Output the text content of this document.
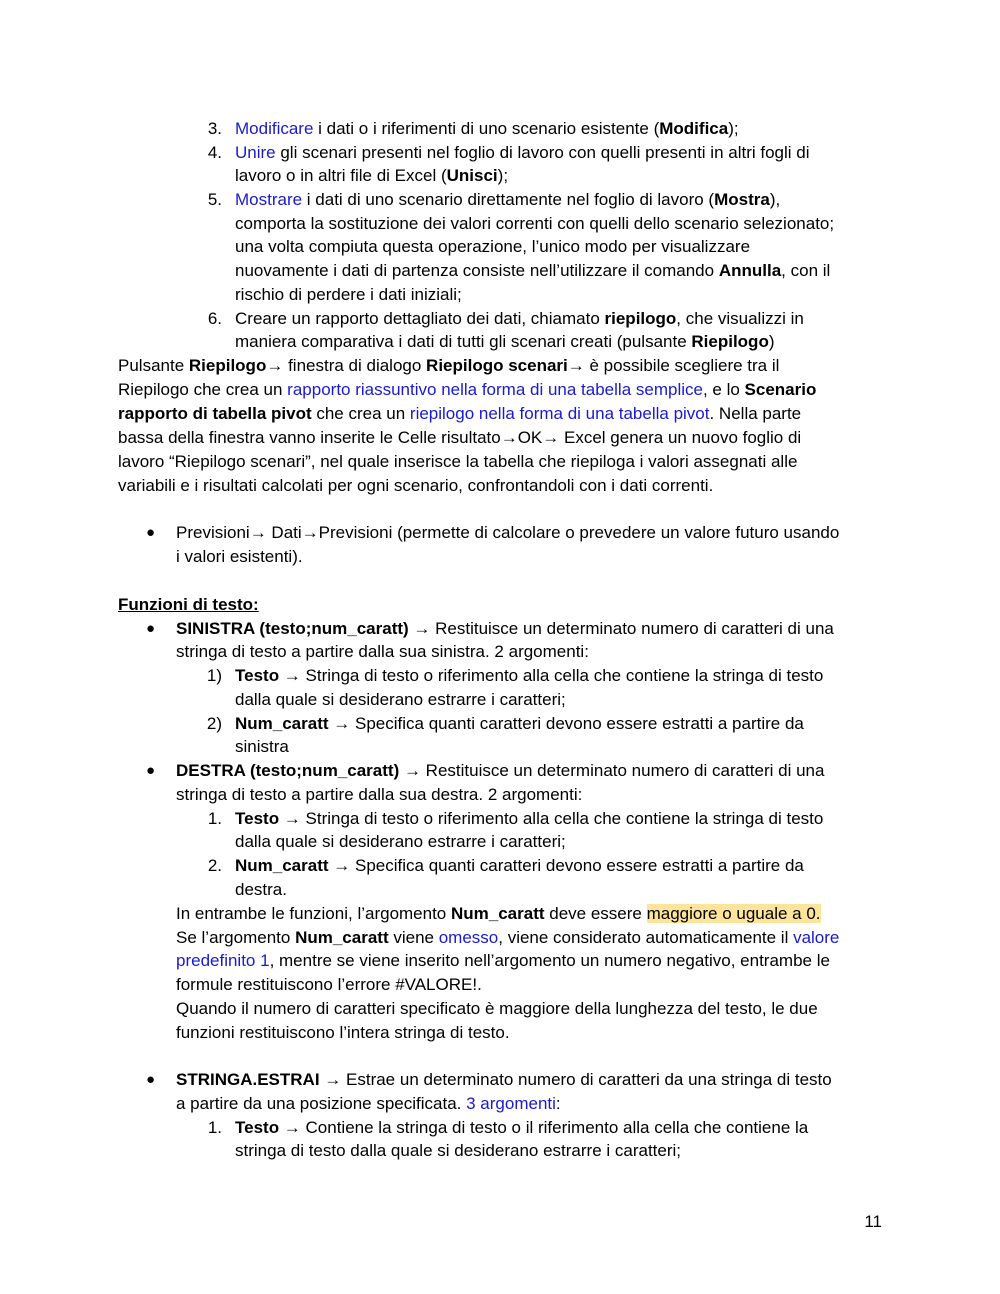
3. Modificare i dati o i riferimenti di uno scenario esistente (Modifica);
4. Unire gli scenari presenti nel foglio di lavoro con quelli presenti in altri fogli di
lavoro o in altri file di Excel (Unisci);
5. Mostrare i dati di uno scenario direttamente nel foglio di lavoro (Mostra),
comporta la sostituzione dei valori correnti con quelli dello scenario selezionato;
una volta compiuta questa operazione, l’unico modo per visualizzare
nuovamente i dati di partenza consiste nell’utilizzare il comando Annulla, con il
rischio di perdere i dati iniziali;
6. Creare un rapporto dettagliato dei dati, chiamato riepilogo, che visualizzi in
maniera comparativa i dati di tutti gli scenari creati (pulsante Riepilogo)
Pulsante Riepilogo→ finestra di dialogo Riepilogo scenari→ è possibile scegliere tra il
Riepilogo che crea un rapporto riassuntivo nella forma di una tabella semplice, e lo Scenario
rapporto di tabella pivot che crea un riepilogo nella forma di una tabella pivot. Nella parte
bassa della finestra vanno inserite le Celle risultato→OK→ Excel genera un nuovo foglio di
lavoro “Riepilogo scenari”, nel quale inserisce la tabella che riepiloga i valori assegnati alle
variabili e i risultati calcolati per ogni scenario, confrontandoli con i dati correnti.
● Previsioni→ Dati→Previsioni (permette di calcolare o prevedere un valore futuro usando
i valori esistenti).
Funzioni di testo:
● SINISTRA (testo;num_caratt) → Restituisce un determinato numero di caratteri di una
stringa di testo a partire dalla sua sinistra. 2 argomenti:
1) Testo → Stringa di testo o riferimento alla cella che contiene la stringa di testo
dalla quale si desiderano estrarre i caratteri;
2) Num_caratt → Specifica quanti caratteri devono essere estratti a partire da
sinistra
● DESTRA (testo;num_caratt) → Restituisce un determinato numero di caratteri di una
stringa di testo a partire dalla sua destra. 2 argomenti:
1. Testo → Stringa di testo o riferimento alla cella che contiene la stringa di testo
dalla quale si desiderano estrarre i caratteri;
2. Num_caratt → Specifica quanti caratteri devono essere estratti a partire da
destra.
In entrambe le funzioni, l’argomento Num_caratt deve essere maggiore o uguale a 0.
Se l’argomento Num_caratt viene omesso, viene considerato automaticamente il valore
predefinito 1, mentre se viene inserito nell’argomento un numero negativo, entrambe le
formule restituiscono l’errore #VALORE!.
Quando il numero di caratteri specificato è maggiore della lunghezza del testo, le due
funzioni restituiscono l’intera stringa di testo.
● STRINGA.ESTRAI → Estrae un determinato numero di caratteri da una stringa di testo
a partire da una posizione specificata. 3 argomenti:
1. Testo → Contiene la stringa di testo o il riferimento alla cella che contiene la
stringa di testo dalla quale si desiderano estrarre i caratteri;
11
